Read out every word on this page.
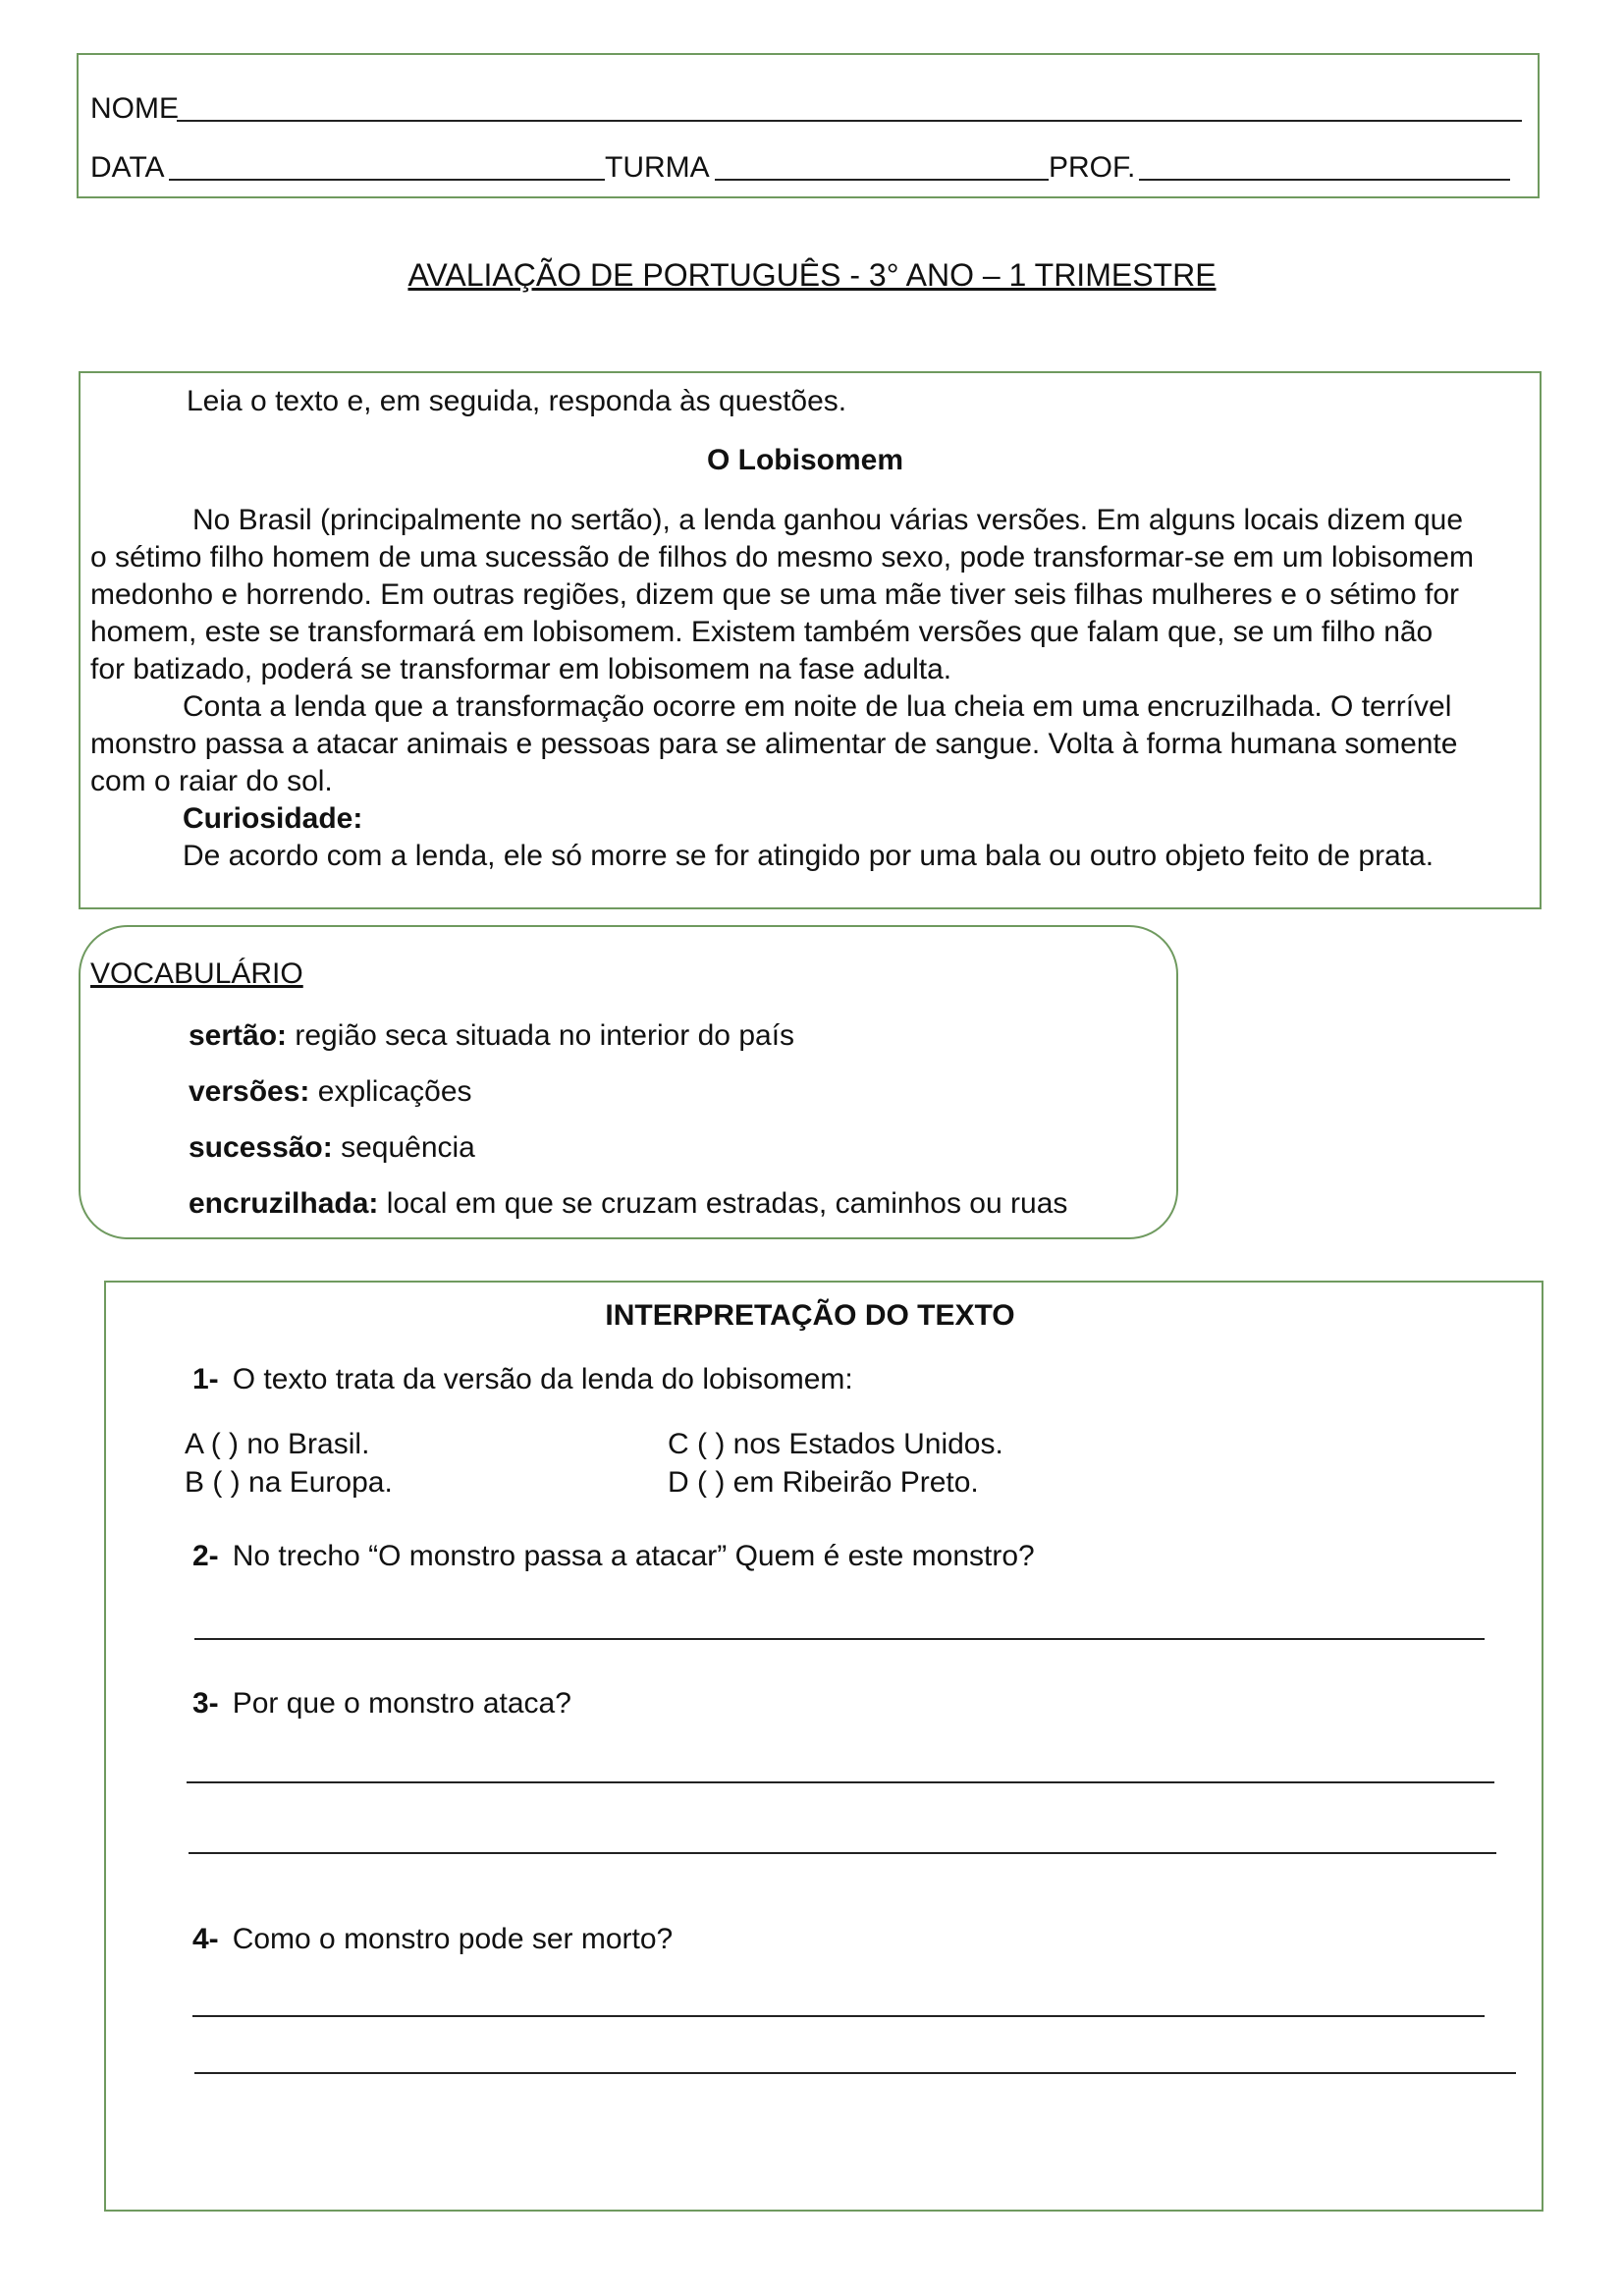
NOME
DATA	TURMA	PROF.
AVALIAÇÃO DE PORTUGUÊS - 3° ANO – 1 TRIMESTRE
Leia o texto e, em seguida, responda às questões.
O Lobisomem
No Brasil (principalmente no sertão), a lenda ganhou várias versões. Em alguns locais dizem que
o sétimo filho homem de uma sucessão de filhos do mesmo sexo, pode transformar-se em um lobisomem
medonho e horrendo. Em outras regiões, dizem que se uma mãe tiver seis filhas mulheres e o sétimo for
homem, este se transformará em lobisomem. Existem também versões que falam que, se um filho não
for batizado, poderá se transformar em lobisomem na fase adulta.
Conta a lenda que a transformação ocorre em noite de lua cheia em uma encruzilhada. O terrível
monstro passa a atacar animais e pessoas para se alimentar de sangue. Volta à forma humana somente
com o raiar do sol.
Curiosidade:
De acordo com a lenda, ele só morre se for atingido por uma bala ou outro objeto feito de prata.
VOCABULÁRIO
sertão: região seca situada no interior do país
versões: explicações
sucessão: sequência
encruzilhada: local em que se cruzam estradas, caminhos ou ruas
INTERPRETAÇÃO DO TEXTO
1- O texto trata da versão da lenda do lobisomem:
A ( ) no Brasil.
B ( ) na Europa.
C ( ) nos Estados Unidos.
D ( ) em Ribeirão Preto.
2- No trecho “O monstro passa a atacar” Quem é este monstro?
3- Por que o monstro ataca?
4- Como o monstro pode ser morto?
